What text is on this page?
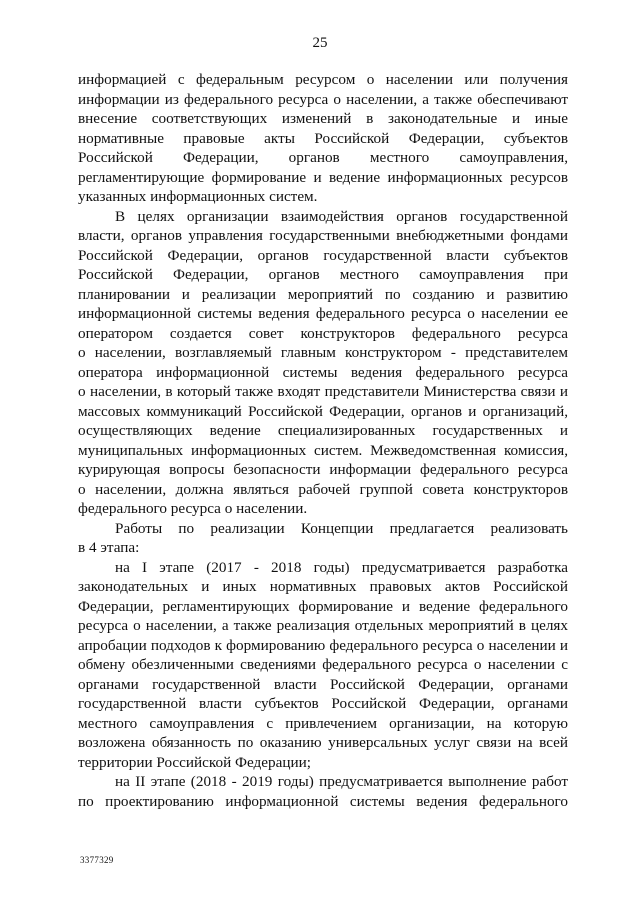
25
информацией с федеральным ресурсом о населении или получения
информации из федерального ресурса о населении, а также обеспечивают
внесение соответствующих изменений в законодательные и иные
нормативные правовые акты Российской Федерации, субъектов
Российской Федерации, органов местного самоуправления,
регламентирующие формирование и ведение информационных ресурсов
указанных информационных систем.
В целях организации взаимодействия органов государственной
власти, органов управления государственными внебюджетными фондами
Российской Федерации, органов государственной власти субъектов
Российской Федерации, органов местного самоуправления при
планировании и реализации мероприятий по созданию и развитию
информационной системы ведения федерального ресурса о населении ее
оператором создается совет конструкторов федерального ресурса
о населении, возглавляемый главным конструктором - представителем
оператора информационной системы ведения федерального ресурса
о населении, в который также входят представители Министерства связи и
массовых коммуникаций Российской Федерации, органов и организаций,
осуществляющих ведение специализированных государственных и
муниципальных информационных систем. Межведомственная комиссия,
курирующая вопросы безопасности информации федерального ресурса
о населении, должна являться рабочей группой совета конструкторов
федерального ресурса о населении.
Работы по реализации Концепции предлагается реализовать
в 4 этапа:
на I этапе (2017 - 2018 годы) предусматривается разработка
законодательных и иных нормативных правовых актов Российской
Федерации, регламентирующих формирование и ведение федерального
ресурса о населении, а также реализация отдельных мероприятий в целях
апробации подходов к формированию федерального ресурса о населении и
обмену обезличенными сведениями федерального ресурса о населении с
органами государственной власти Российской Федерации, органами
государственной власти субъектов Российской Федерации, органами
местного самоуправления с привлечением организации, на которую
возложена обязанность по оказанию универсальных услуг связи на всей
территории Российской Федерации;
на II этапе (2018 - 2019 годы) предусматривается выполнение работ
по проектированию информационной системы ведения федерального
3377329
